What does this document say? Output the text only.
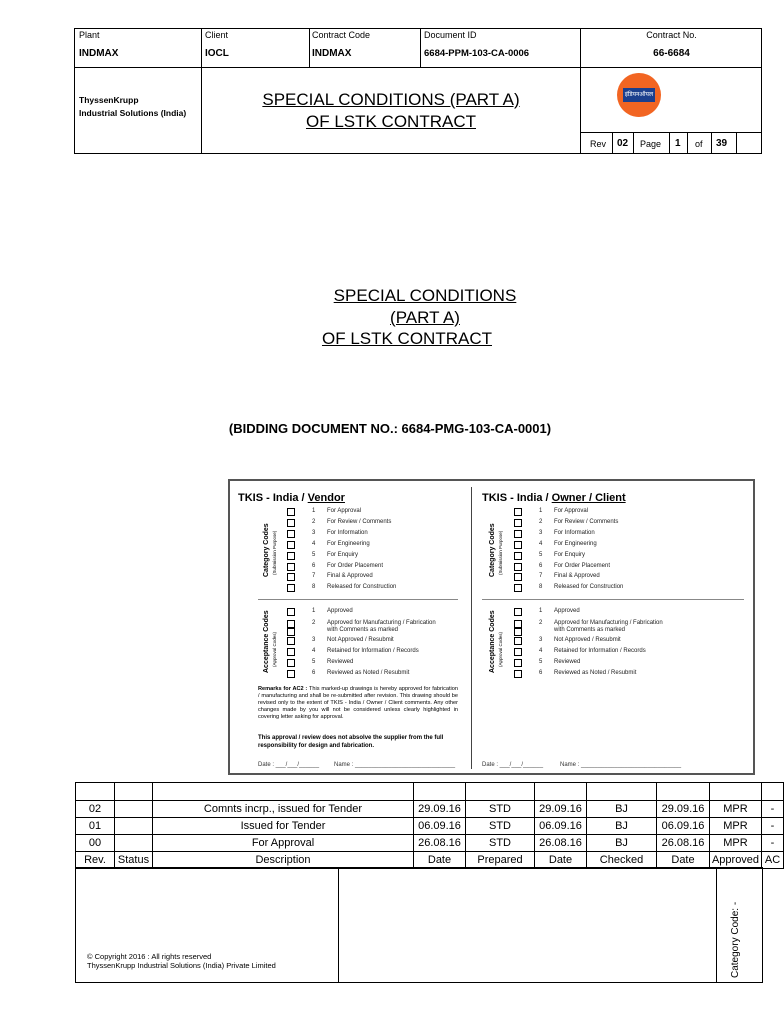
Plant
INDMAX
Client
IOCL
Contract Code
INDMAX
Document ID
6684-PPM-103-CA-0006
Contract No.
66-6684
ThyssenKrupp
Industrial Solutions (India)
SPECIAL CONDITIONS (PART A)
OF LSTK CONTRACT
इंडियनऑयल
Rev 02 Page 1 of 39
SPECIAL CONDITIONS
(PART A)
OF LSTK CONTRACT
(BIDDING DOCUMENT NO.: 6684-PMG-103-CA-0001)
TKIS - India / Vendor
Category Codes (Submission Purpose)
1 For Approval
2 For Review / Comments
3 For Information
4 For Engineering
5 For Enquiry
6 For Order Placement
7 Final & Approved
8 Released for Construction
Acceptance Codes (Approval Codes)
1 Approved
2 Approved for Manufacturing / Fabrication
with Comments as marked
3 Not Approved / Resubmit
4 Retained for Information / Records
5 Reviewed
6 Reviewed as Noted / Resubmit
Remarks for AC2 : This marked-up drawings is hereby approved for fabrication / manufacturing and shall be re-submitted after revision. This drawing should be revised only to the extent of TKIS - India / Owner / Client comments. Any other changes made by you will not be considered unless clearly highlighted in covering letter asking for approval.
This approval / review does not absolve the supplier from the full responsibility for design and fabrication.
Date : ___/___/______ Name : ______________________________
TKIS - India / Owner / Client
Category Codes (Submission Purpose)
1 For Approval
2 For Review / Comments
3 For Information
4 For Engineering
5 For Enquiry
6 For Order Placement
7 Final & Approved
8 Released for Construction
Acceptance Codes (Approval Codes)
1 Approved
2 Approved for Manufacturing / Fabrication
with Comments as marked
3 Not Approved / Resubmit
4 Retained for Information / Records
5 Reviewed
6 Reviewed as Noted / Resubmit
Date : ___/___/______	Name : ______________________________

02		Comnts incrp., issued for Tender	29.09.16	STD	29.09.16	BJ	29.09.16	MPR	-
01		Issued for Tender	06.09.16	STD	06.09.16	BJ	06.09.16	MPR	-
00		For Approval	26.08.16	STD	26.08.16	BJ	26.08.16	MPR	-
Rev.	Status	Description	Date	Prepared	Date	Checked	Date	Approved	AC
© Copyright 2016 : All rights reserved
ThyssenKrupp Industrial Solutions (India) Private Limited	Category Code: -
